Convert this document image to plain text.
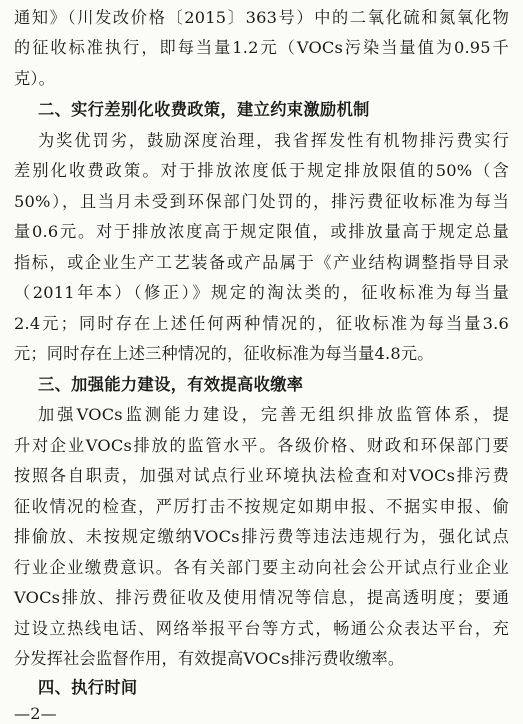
通知》（川发改价格〔2015〕363号）中的二氧化硫和氮氧化物
的征收标准执行，即每当量1.2元（VOCs污染当量值为0.95千
克）。
二、实行差别化收费政策，建立约束激励机制
为奖优罚劣，鼓励深度治理，我省挥发性有机物排污费实行
差别化收费政策。对于排放浓度低于规定排放限值的50%（含
50%），且当月未受到环保部门处罚的，排污费征收标准为每当
量0.6元。对于排放浓度高于规定限值，或排放量高于规定总量
指标，或企业生产工艺装备或产品属于《产业结构调整指导目录
（2011年本）（修正）》规定的淘汰类的，征收标准为每当量
2.4元；同时存在上述任何两种情况的，征收标准为每当量3.6
元；同时存在上述三种情况的，征收标准为每当量4.8元。
三、加强能力建设，有效提高收缴率
加强VOCs监测能力建设，完善无组织排放监管体系，提
升对企业VOCs排放的监管水平。各级价格、财政和环保部门要
按照各自职责，加强对试点行业环境执法检查和对VOCs排污费
征收情况的检查，严厉打击不按规定如期申报、不据实申报、偷
排偷放、未按规定缴纳VOCs排污费等违法违规行为，强化试点
行业企业缴费意识。各有关部门要主动向社会公开试点行业企业
VOCs排放、排污费征收及使用情况等信息，提高透明度；要通
过设立热线电话、网络举报平台等方式，畅通公众表达平台，充
分发挥社会监督作用，有效提高VOCs排污费收缴率。
四、执行时间
—2—
